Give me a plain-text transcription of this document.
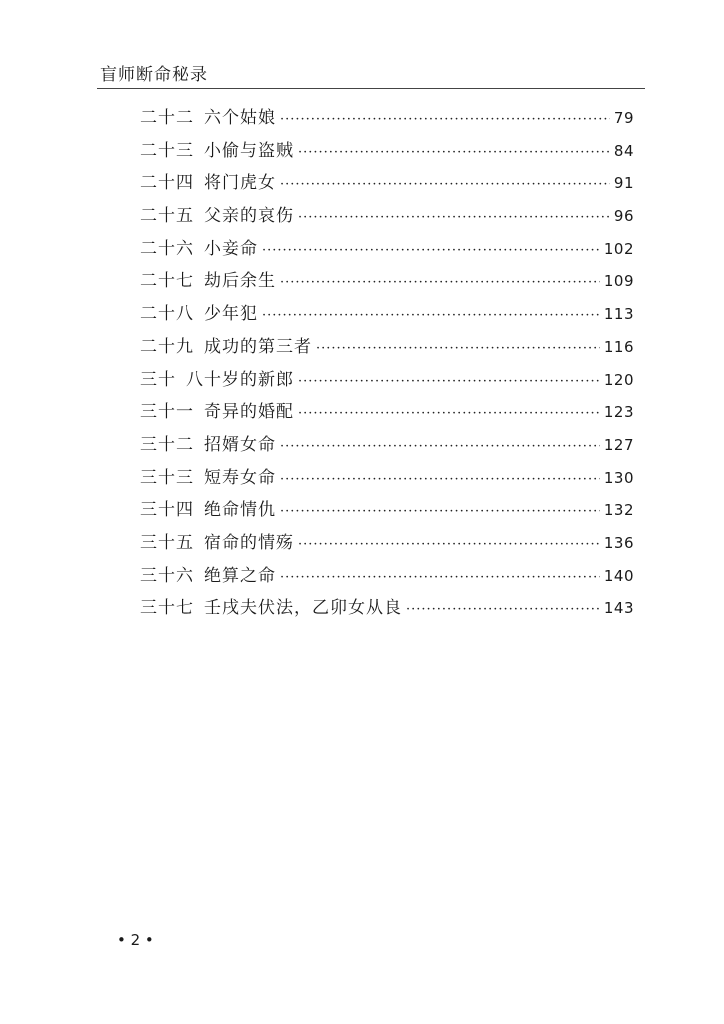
盲师断命秘录
二十二 六个姑娘 ·····	79
二十三 小偷与盗贼 ·····	84
二十四 将门虎女 ·····	91
二十五 父亲的哀伤 ·····	96
二十六 小妾命 ·····	102
二十七 劫后余生 ·····	109
二十八 少年犯 ·····	113
二十九 成功的第三者 ·····	116
三十 八十岁的新郎 ·····	120
三十一 奇异的婚配 ·····	123
三十二 招婿女命 ·····	127
三十三 短寿女命 ·····	130
三十四 绝命情仇 ·····	132
三十五 宿命的情殇 ·····	136
三十六 绝算之命 ·····	140
三十七 壬戌夫伏法，乙卯女从良 ·····	143
• 2 •
